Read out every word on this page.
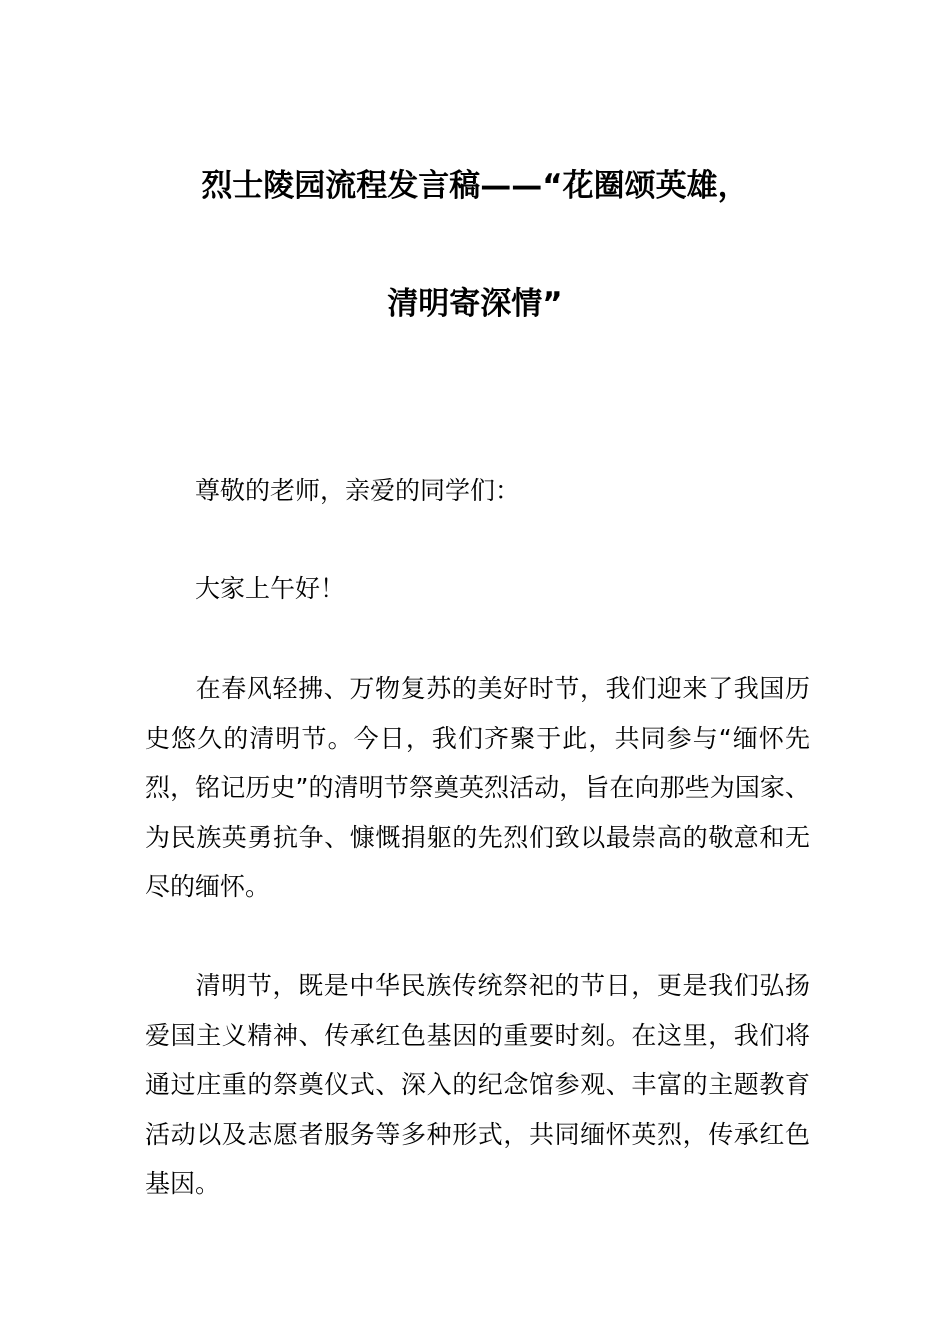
烈士陵园流程发言稿——“花圈颂英雄，
清明寄深情”
尊敬的老师，亲爱的同学们：
大家上午好！
在春风轻拂、万物复苏的美好时节，我们迎来了我国历史悠久的清明节。今日，我们齐聚于此，共同参与“缅怀先烈，铭记历史”的清明节祭奠英烈活动，旨在向那些为国家、为民族英勇抗争、慷慨捐躯的先烈们致以最崇高的敬意和无尽的缅怀。
清明节，既是中华民族传统祭祀的节日，更是我们弘扬爱国主义精神、传承红色基因的重要时刻。在这里，我们将通过庄重的祭奠仪式、深入的纪念馆参观、丰富的主题教育活动以及志愿者服务等多种形式，共同缅怀英烈，传承红色基因。
